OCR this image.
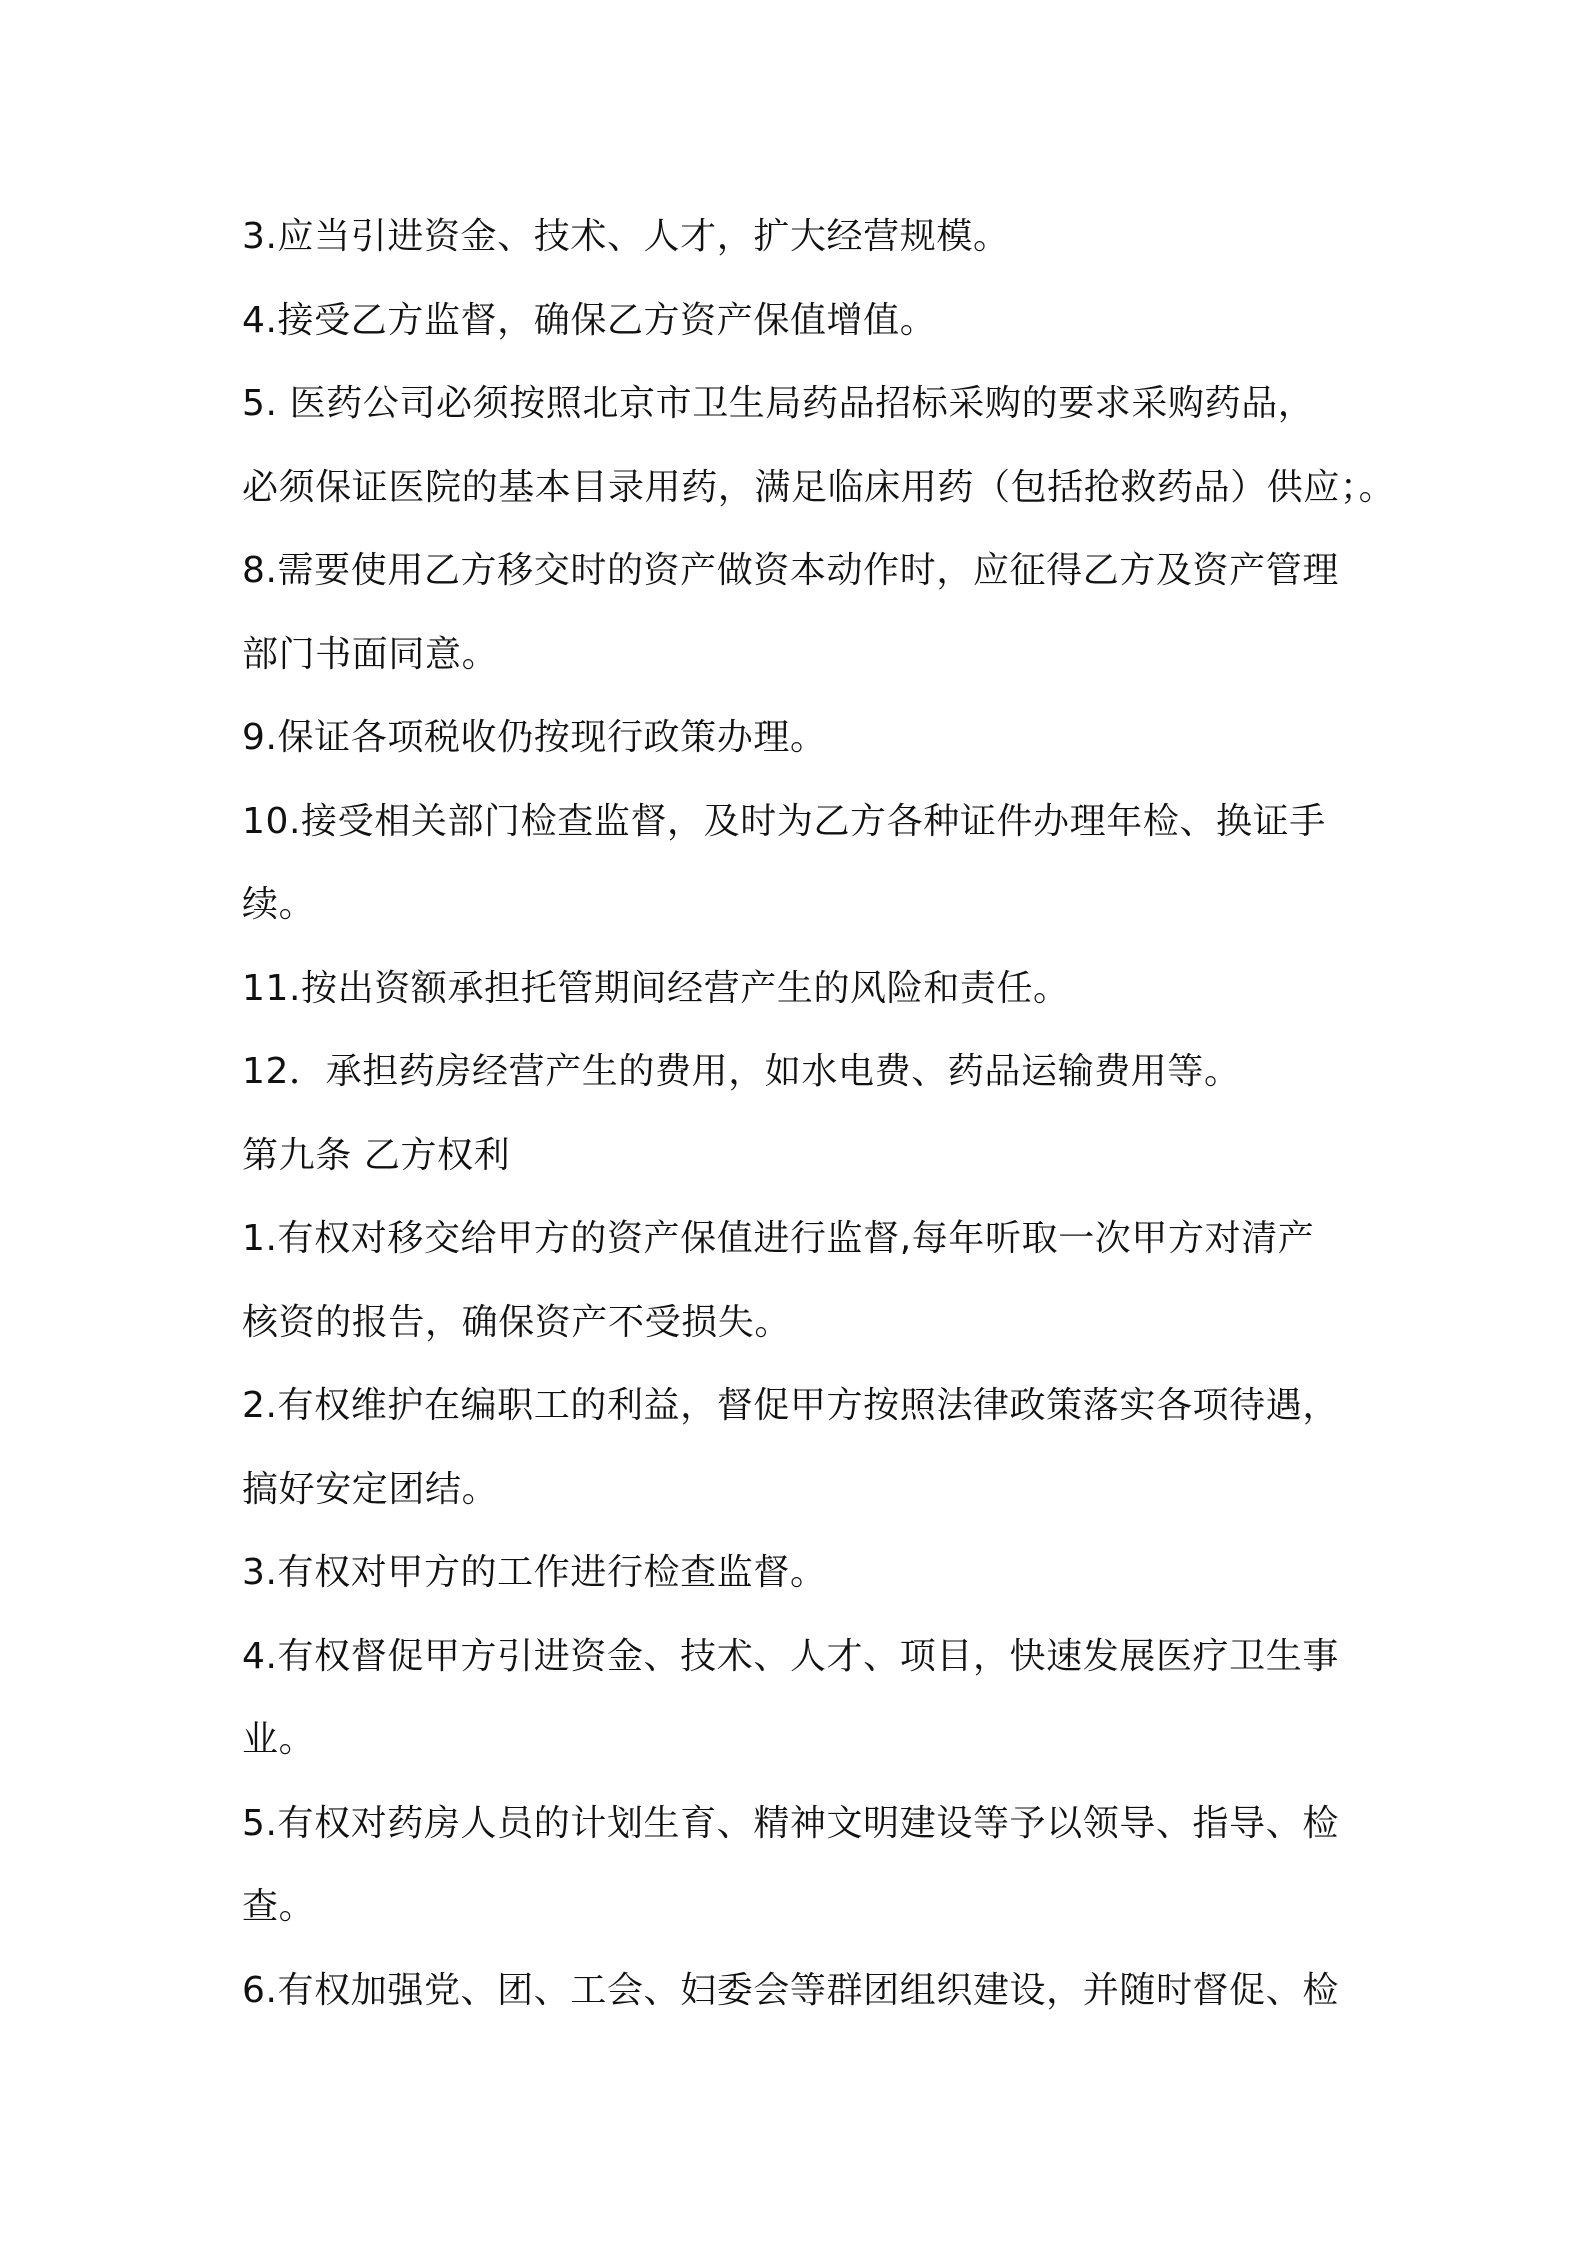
3.应当引进资金、技术、人才，扩大经营规模。
4.接受乙方监督，确保乙方资产保值增值。
5. 医药公司必须按照北京市卫生局药品招标采购的要求采购药品，
必须保证医院的基本目录用药，满足临床用药（包括抢救药品）供应；。
8.需要使用乙方移交时的资产做资本动作时，应征得乙方及资产管理
部门书面同意。
9.保证各项税收仍按现行政策办理。
10.接受相关部门检查监督，及时为乙方各种证件办理年检、换证手
续。
11.按出资额承担托管期间经营产生的风险和责任。
12．承担药房经营产生的费用，如水电费、药品运输费用等。
第九条 乙方权利
1.有权对移交给甲方的资产保值进行监督,每年听取一次甲方对清产
核资的报告，确保资产不受损失。
2.有权维护在编职工的利益，督促甲方按照法律政策落实各项待遇，
搞好安定团结。
3.有权对甲方的工作进行检查监督。
4.有权督促甲方引进资金、技术、人才、项目，快速发展医疗卫生事
业。
5.有权对药房人员的计划生育、精神文明建设等予以领导、指导、检
查。
6.有权加强党、团、工会、妇委会等群团组织建设，并随时督促、检
